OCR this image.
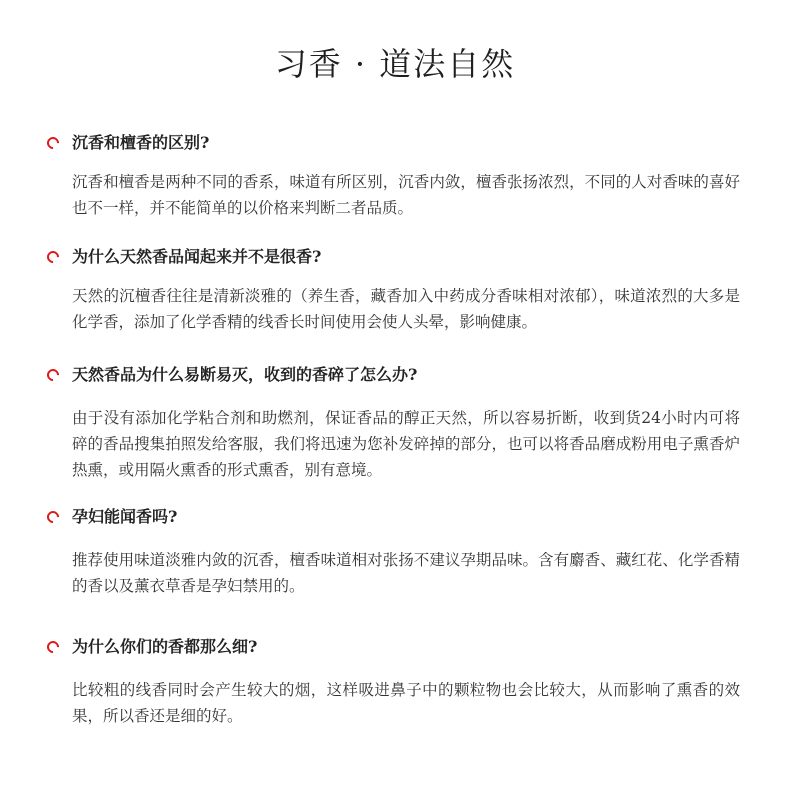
习香 · 道法自然
沉香和檀香的区别?

沉香和檀香是两种不同的香系，味道有所区别，沉香内敛，檀香张扬浓烈，不同的人对香味的喜好也不一样，并不能简单的以价格来判断二者品质。

为什么天然香品闻起来并不是很香?

天然的沉檀香往往是清新淡雅的（养生香，藏香加入中药成分香味相对浓郁），味道浓烈的大多是化学香，添加了化学香精的线香长时间使用会使人头晕，影响健康。

天然香品为什么易断易灭，收到的香碎了怎么办?

由于没有添加化学粘合剂和助燃剂，保证香品的醇正天然，所以容易折断，收到货24小时内可将碎的香品搜集拍照发给客服，我们将迅速为您补发碎掉的部分，也可以将香品磨成粉用电子熏香炉热熏，或用隔火熏香的形式熏香，别有意境。

孕妇能闻香吗?

推荐使用味道淡雅内敛的沉香，檀香味道相对张扬不建议孕期品味。含有麝香、藏红花、化学香精的香以及薰衣草香是孕妇禁用的。

为什么你们的香都那么细?

比较粗的线香同时会产生较大的烟，这样吸进鼻子中的颗粒物也会比较大，从而影响了熏香的效果，所以香还是细的好。
